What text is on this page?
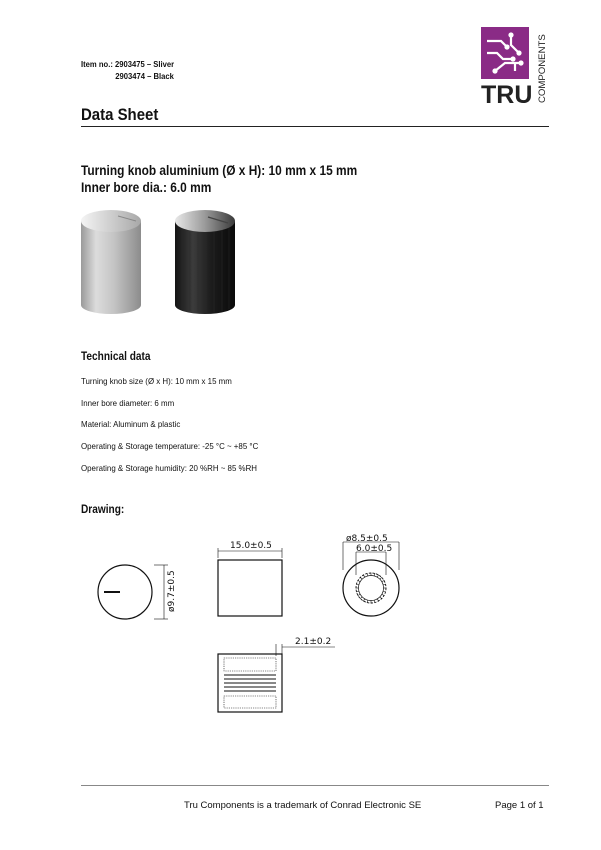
Item no.: 2903475 – Sliver
2903474 – Black
TRU COMPONENTS
Data Sheet
Turning knob aluminium (Ø x H): 10 mm x 15 mm
Inner bore dia.: 6.0 mm
Technical data
Turning knob size (Ø x H): 10 mm x 15 mm
Inner bore diameter: 6 mm
Material: Aluminum & plastic
Operating & Storage temperature: -25 °C ~ +85 °C
Operating & Storage humidity: 20 %RH ~ 85 %RH
Drawing:
ø9.7±0.5
15.0±0.5
ø8.5±0.5
6.0±0.5
2.1±0.2
Tru Components is a trademark of Conrad Electronic SE	Page 1 of 1
